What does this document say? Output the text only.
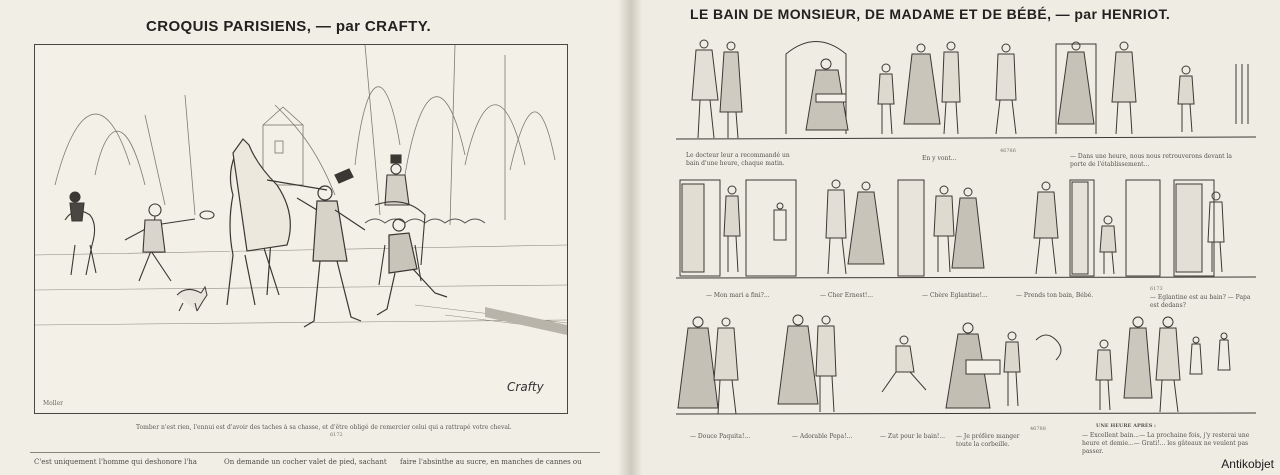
CROQUIS PARISIENS, — par CRAFTY.
Moller
Crafty
Tomber n'est rien, l'ennui est d'avoir des taches à sa chasse, et d'être obligé de remercier celui qui a rattrapé votre cheval.
6172
C'est uniquement l'homme qui deshonore l'ha	On demande un cocher valet de pied, sachant faire l'absinthe au sucre, en manches de cannes ou
LE BAIN DE MONSIEUR, DE MADAME ET DE BÉBÉ, — par HENRIOT.
Le docteur leur a recommandé un bain d'une heure, chaque matin.
En y vont...
46786
— Dans une heure, nous nous retrouverons devant la porte de l'établissement...
— Mon mari a fini?...	— Cher Ernest!...	— Chère Eglantine!...	— Prends ton bain, Bébé.
6173
— Eglantine est au bain? — Papa est dedans?
— Douce Paquita!...	— Adorable Pepa!...	— Zut pour le bain!... — Je préfère manger toute la corbeille.
46788	UNE HEURE APRÈS :
— Excellent bain...— La prochaine fois, j'y resterai une heure et demie...— Grati!... les gâteaux ne veulent pas passer.
Antikobjet
